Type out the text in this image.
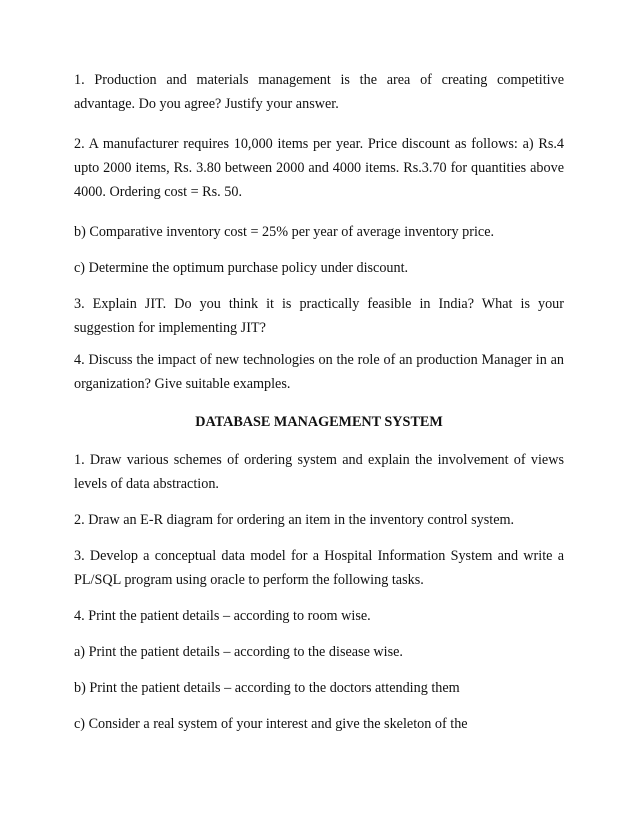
1. Production and materials management is the area of creating competitive advantage. Do you agree? Justify your answer.

2. A manufacturer requires 10,000 items per year. Price discount as follows: a) Rs.4 upto 2000 items, Rs. 3.80 between 2000 and 4000 items. Rs.3.70 for quantities above 4000. Ordering cost = Rs. 50.

b) Comparative inventory cost = 25% per year of average inventory price.

c) Determine the optimum purchase policy under discount.

3. Explain JIT. Do you think it is practically feasible in India? What is your suggestion for implementing JIT?

4. Discuss the impact of new technologies on the role of an production Manager in an organization? Give suitable examples.

DATABASE MANAGEMENT SYSTEM

1. Draw various schemes of ordering system and explain the involvement of views levels of data abstraction.

2. Draw an E-R diagram for ordering an item in the inventory control system.

3. Develop a conceptual data model for a Hospital Information System and write a PL/SQL program using oracle to perform the following tasks.

4. Print the patient details – according to room wise.

a) Print the patient details – according to the disease wise.

b) Print the patient details – according to the doctors attending them

c) Consider a real system of your interest and give the skeleton of the
